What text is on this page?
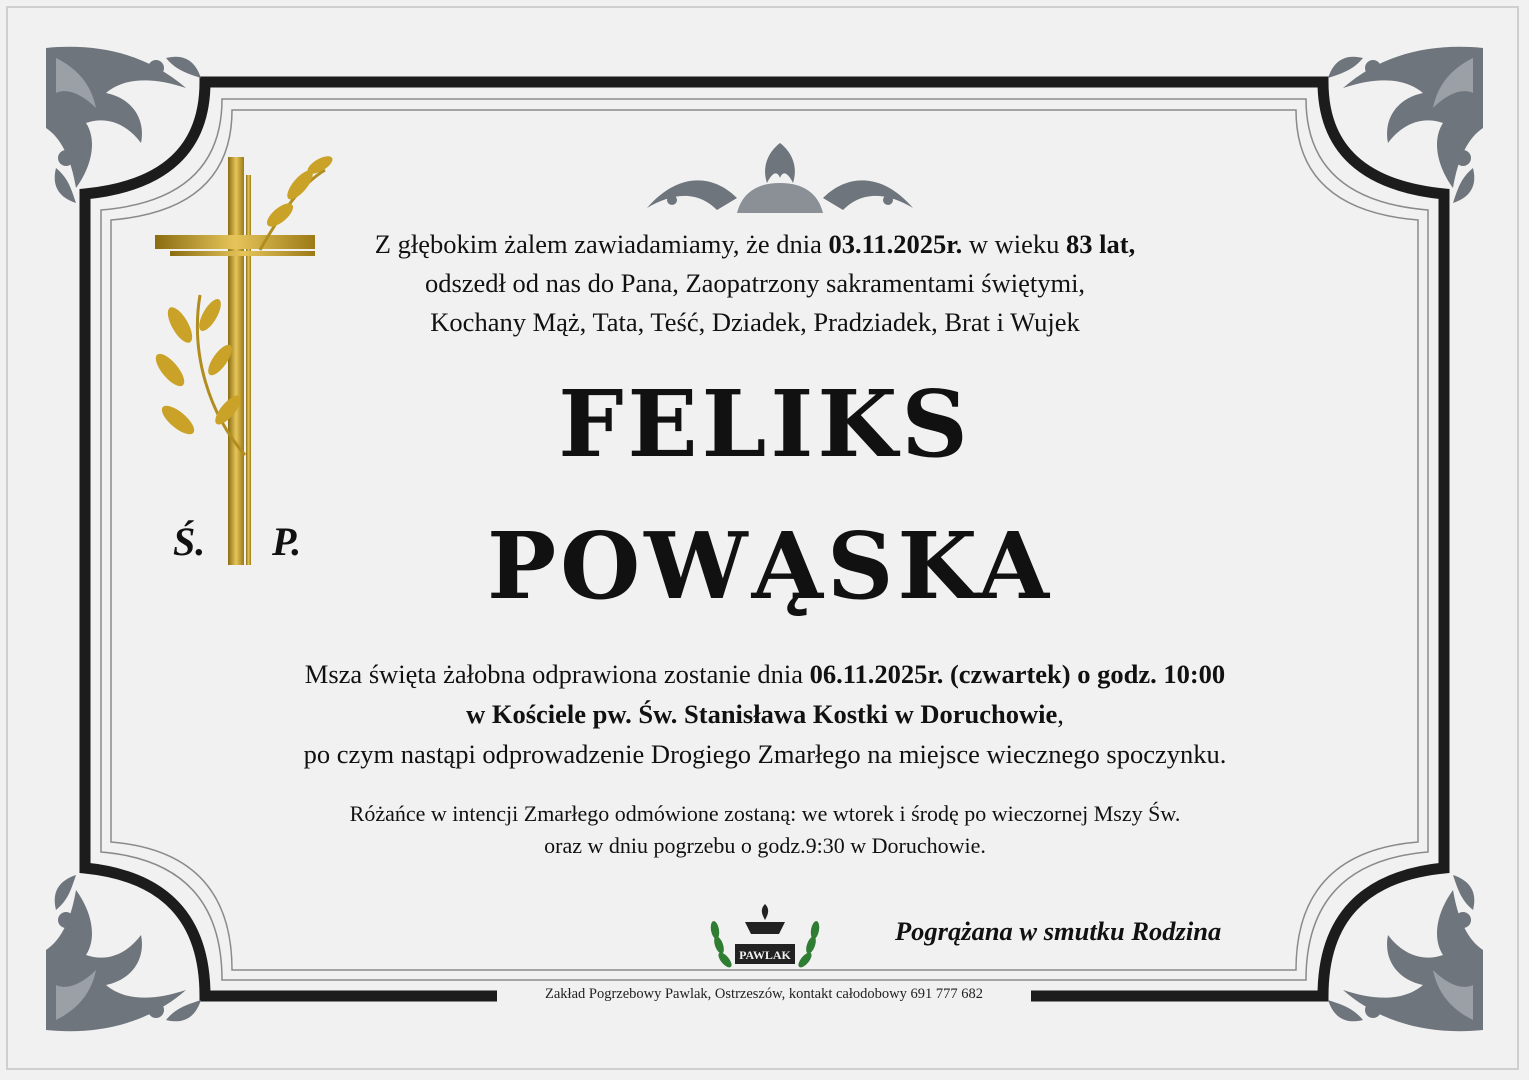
Ś. P.
Z głębokim żalem zawiadamiamy, że dnia 03.11.2025r. w wieku 83 lat,
odszedł od nas do Pana, Zaopatrzony sakramentami świętymi,
Kochany Mąż, Tata, Teść, Dziadek, Pradziadek, Brat i Wujek
FELIKS
POWĄSKA
Msza święta żałobna odprawiona zostanie dnia 06.11.2025r. (czwartek) o godz. 10:00
w Kościele pw. Św. Stanisława Kostki w Doruchowie,
po czym nastąpi odprowadzenie Drogiego Zmarłego na miejsce wiecznego spoczynku.
Różańce w intencji Zmarłego odmówione zostaną: we wtorek i środę po wieczornej Mszy Św.
oraz w dniu pogrzebu o godz.9:30 w Doruchowie.
PAWLAK
Pogrążana w smutku Rodzina
Zakład Pogrzebowy Pawlak, Ostrzeszów, kontakt całodobowy 691 777 682
